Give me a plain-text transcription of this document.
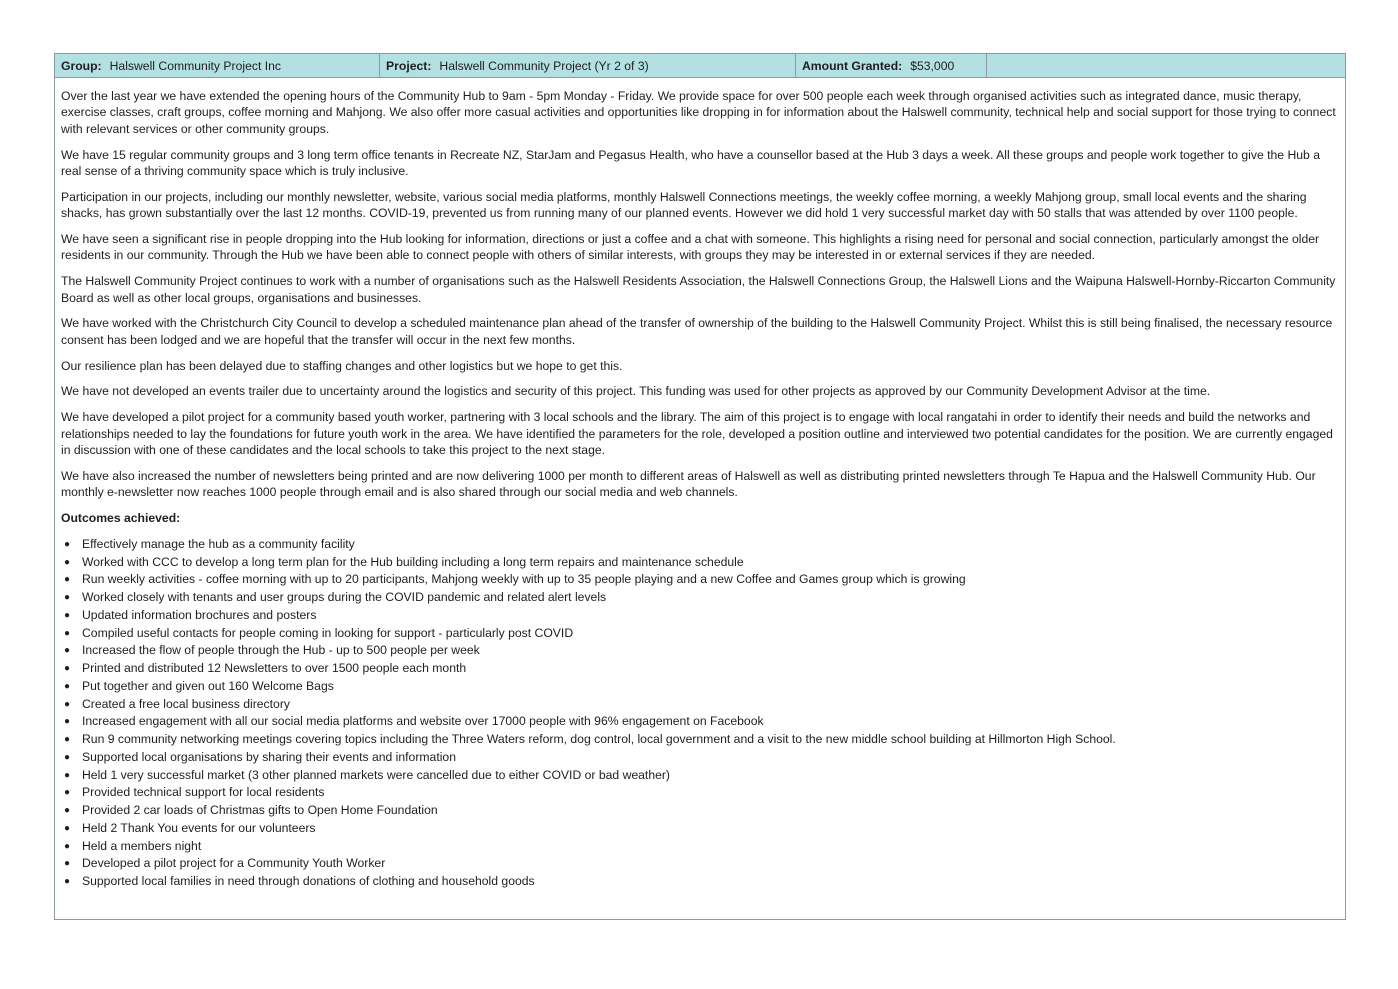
Group: Halswell Community Project Inc	Project: Halswell Community Project (Yr 2 of 3)	Amount Granted: $53,000

Over the last year we have extended the opening hours of the Community Hub to 9am - 5pm Monday - Friday. We provide space for over 500 people each week through organised activities such as integrated dance, music therapy, exercise classes, craft groups, coffee morning and Mahjong. We also offer more casual activities and opportunities like dropping in for information about the Halswell community, technical help and social support for those trying to connect with relevant services or other community groups.

We have 15 regular community groups and 3 long term office tenants in Recreate NZ, StarJam and Pegasus Health, who have a counsellor based at the Hub 3 days a week. All these groups and people work together to give the Hub a real sense of a thriving community space which is truly inclusive.

Participation in our projects, including our monthly newsletter, website, various social media platforms, monthly Halswell Connections meetings, the weekly coffee morning, a weekly Mahjong group, small local events and the sharing shacks, has grown substantially over the last 12 months. COVID-19, prevented us from running many of our planned events. However we did hold 1 very successful market day with 50 stalls that was attended by over 1100 people.

We have seen a significant rise in people dropping into the Hub looking for information, directions or just a coffee and a chat with someone. This highlights a rising need for personal and social connection, particularly amongst the older residents in our community. Through the Hub we have been able to connect people with others of similar interests, with groups they may be interested in or external services if they are needed.

The Halswell Community Project continues to work with a number of organisations such as the Halswell Residents Association, the Halswell Connections Group, the Halswell Lions and the Waipuna Halswell-Hornby-Riccarton Community Board as well as other local groups, organisations and businesses.

We have worked with the Christchurch City Council to develop a scheduled maintenance plan ahead of the transfer of ownership of the building to the Halswell Community Project. Whilst this is still being finalised, the necessary resource consent has been lodged and we are hopeful that the transfer will occur in the next few months.

Our resilience plan has been delayed due to staffing changes and other logistics but we hope to get this.

We have not developed an events trailer due to uncertainty around the logistics and security of this project. This funding was used for other projects as approved by our Community Development Advisor at the time.

We have developed a pilot project for a community based youth worker, partnering with 3 local schools and the library. The aim of this project is to engage with local rangatahi in order to identify their needs and build the networks and relationships needed to lay the foundations for future youth work in the area. We have identified the parameters for the role, developed a position outline and interviewed two potential candidates for the position. We are currently engaged in discussion with one of these candidates and the local schools to take this project to the next stage.

We have also increased the number of newsletters being printed and are now delivering 1000 per month to different areas of Halswell as well as distributing printed newsletters through Te Hapua and the Halswell Community Hub. Our monthly e-newsletter now reaches 1000 people through email and is also shared through our social media and web channels.

Outcomes achieved:

● Effectively manage the hub as a community facility
● Worked with CCC to develop a long term plan for the Hub building including a long term repairs and maintenance schedule
● Run weekly activities - coffee morning with up to 20 participants, Mahjong weekly with up to 35 people playing and a new Coffee and Games group which is growing
● Worked closely with tenants and user groups during the COVID pandemic and related alert levels
● Updated information brochures and posters
● Compiled useful contacts for people coming in looking for support - particularly post COVID
● Increased the flow of people through the Hub - up to 500 people per week
● Printed and distributed 12 Newsletters to over 1500 people each month
● Put together and given out 160 Welcome Bags
● Created a free local business directory
● Increased engagement with all our social media platforms and website over 17000 people with 96% engagement on Facebook
● Run 9 community networking meetings covering topics including the Three Waters reform, dog control, local government and a visit to the new middle school building at Hillmorton High School.
● Supported local organisations by sharing their events and information
● Held 1 very successful market (3 other planned markets were cancelled due to either COVID or bad weather)
● Provided technical support for local residents
● Provided 2 car loads of Christmas gifts to Open Home Foundation
● Held 2 Thank You events for our volunteers
● Held a members night
● Developed a pilot project for a Community Youth Worker
● Supported local families in need through donations of clothing and household goods
